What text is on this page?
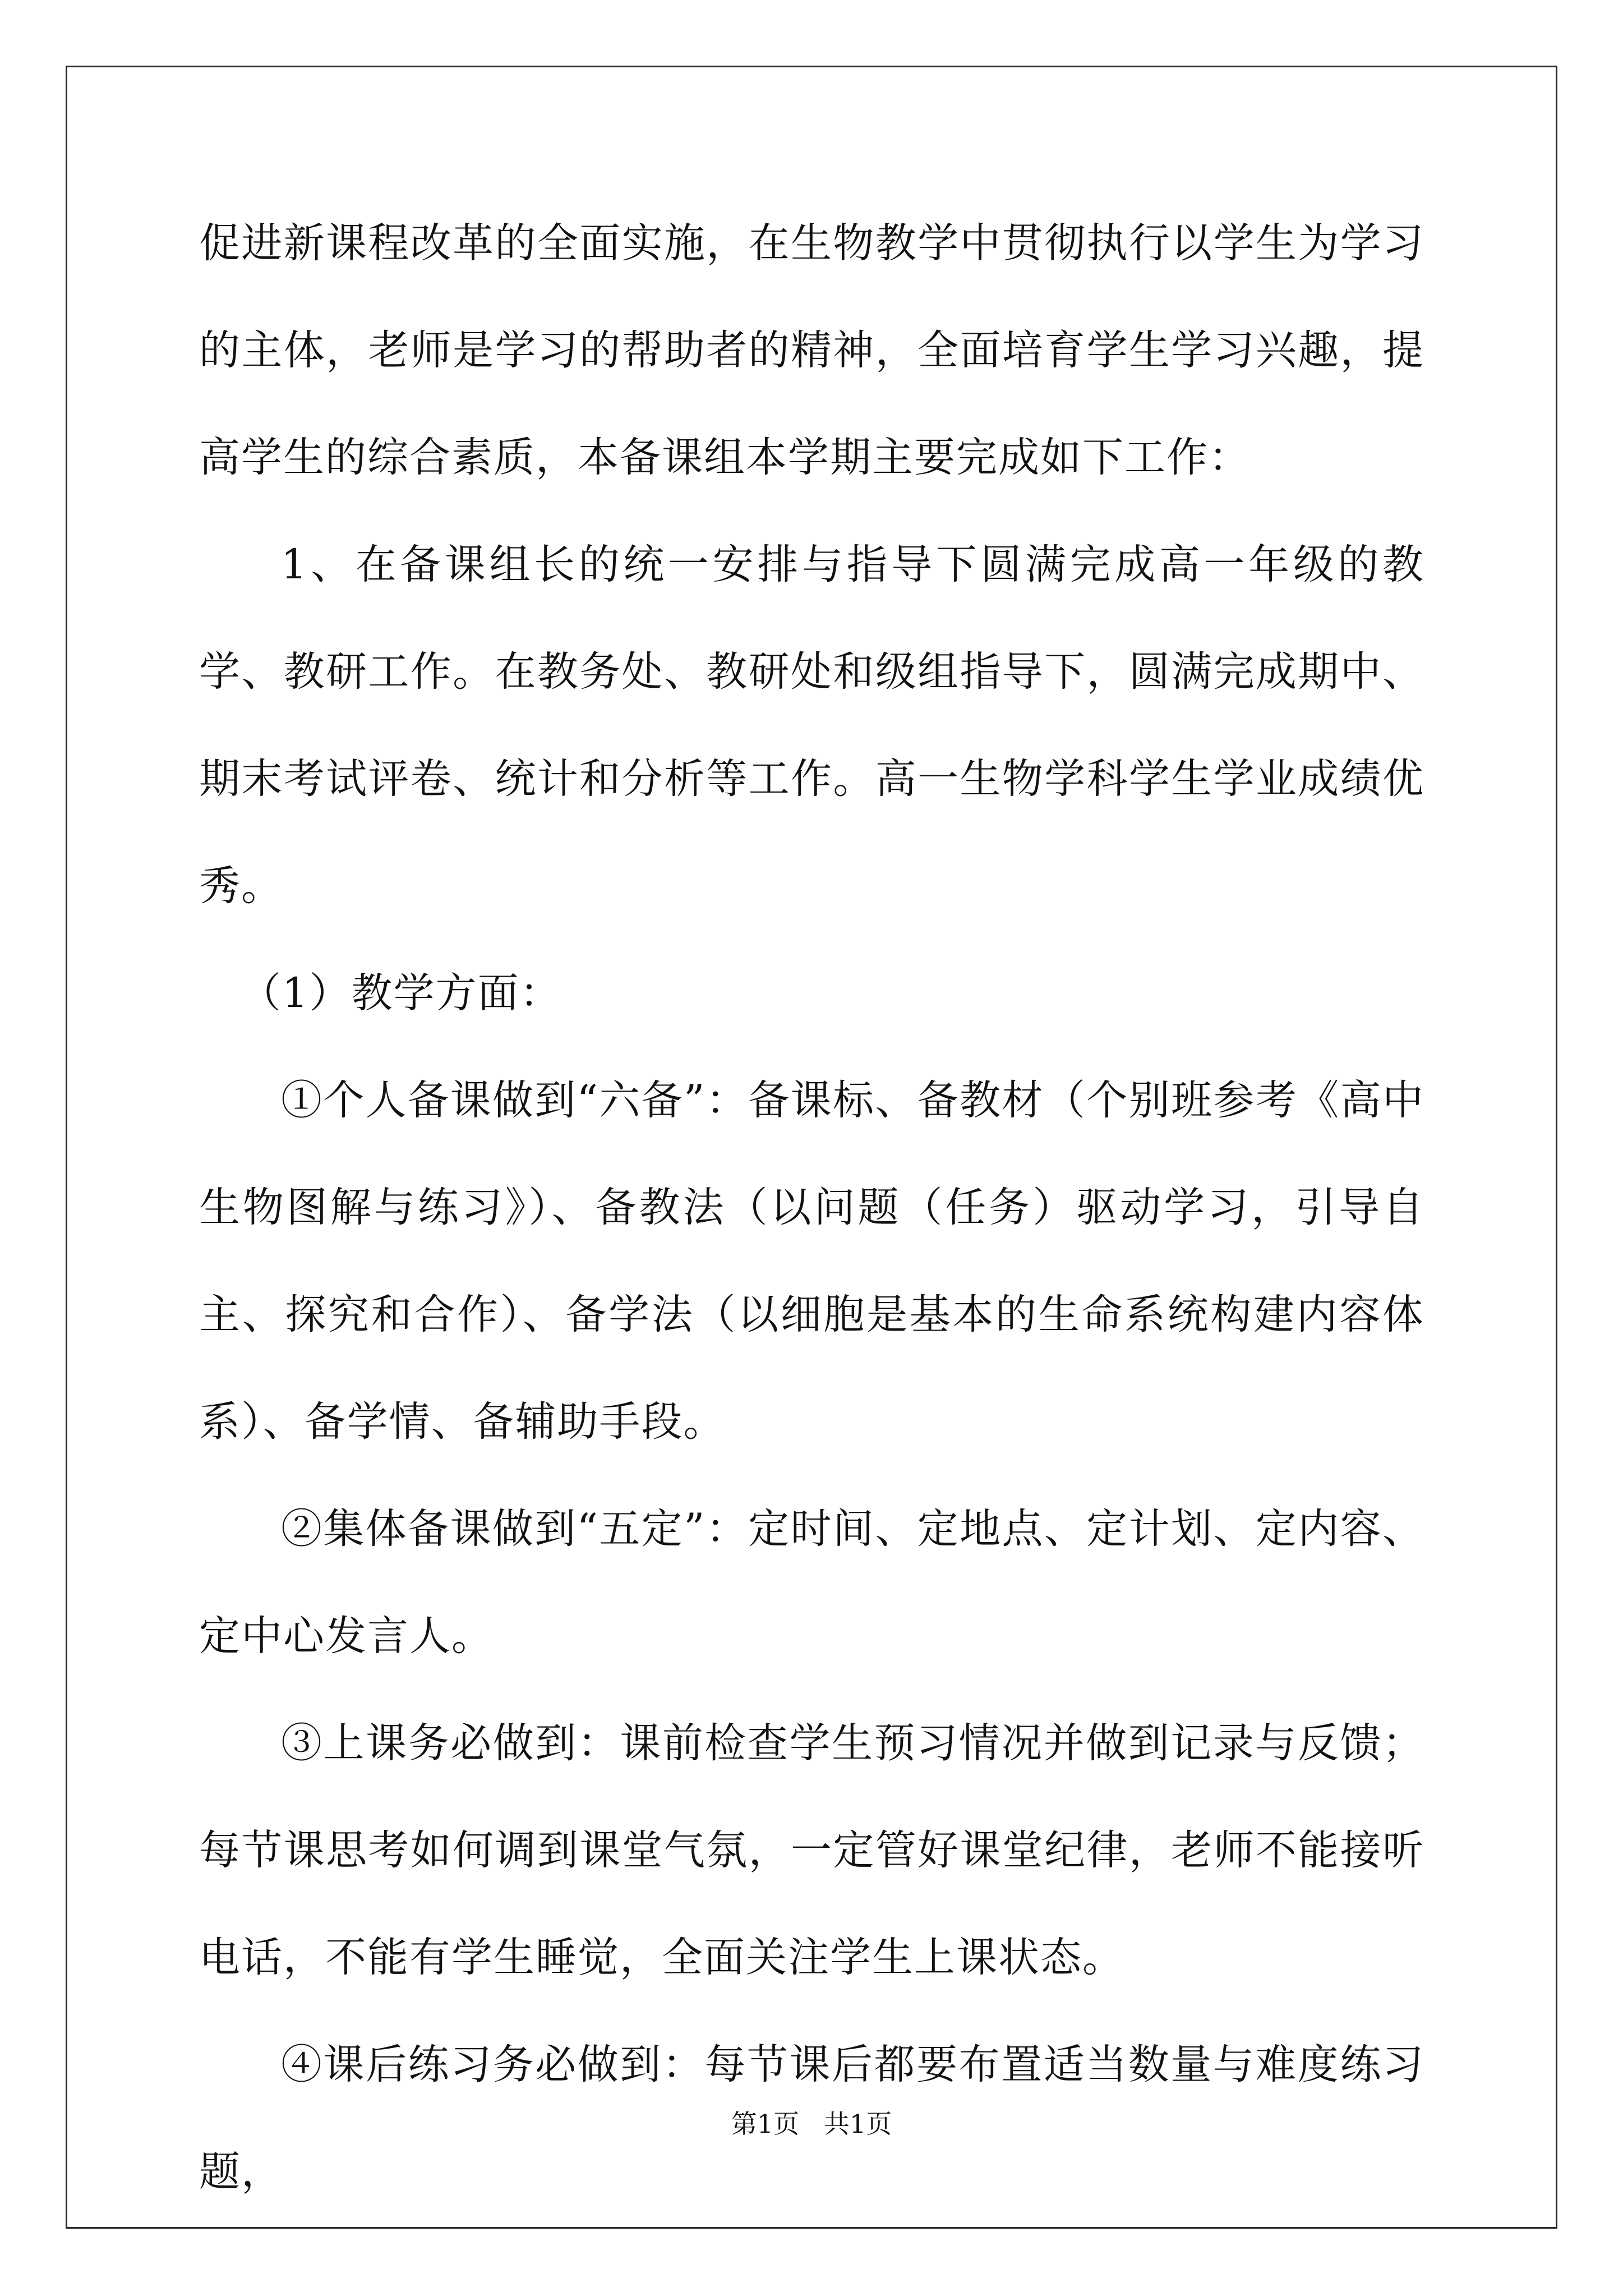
促进新课程改革的全面实施，在生物教学中贯彻执行以学生为学习的主体，老师是学习的帮助者的精神，全面培育学生学习兴趣，提高学生的综合素质，本备课组本学期主要完成如下工作：

1、在备课组长的统一安排与指导下圆满完成高一年级的教学、教研工作。在教务处、教研处和级组指导下，圆满完成期中、期末考试评卷、统计和分析等工作。高一生物学科学生学业成绩优秀。

（1）教学方面：

①个人备课做到“六备”：备课标、备教材（个别班参考《高中生物图解与练习》）、备教法（以问题（任务）驱动学习，引导自主、探究和合作）、备学法（以细胞是基本的生命系统构建内容体系）、备学情、备辅助手段。

②集体备课做到“五定”：定时间、定地点、定计划、定内容、定中心发言人。

③上课务必做到：课前检查学生预习情况并做到记录与反馈；每节课思考如何调到课堂气氛，一定管好课堂纪律，老师不能接听电话，不能有学生睡觉，全面关注学生上课状态。

④课后练习务必做到：每节课后都要布置适当数量与难度练习题，

第1页   共1页
